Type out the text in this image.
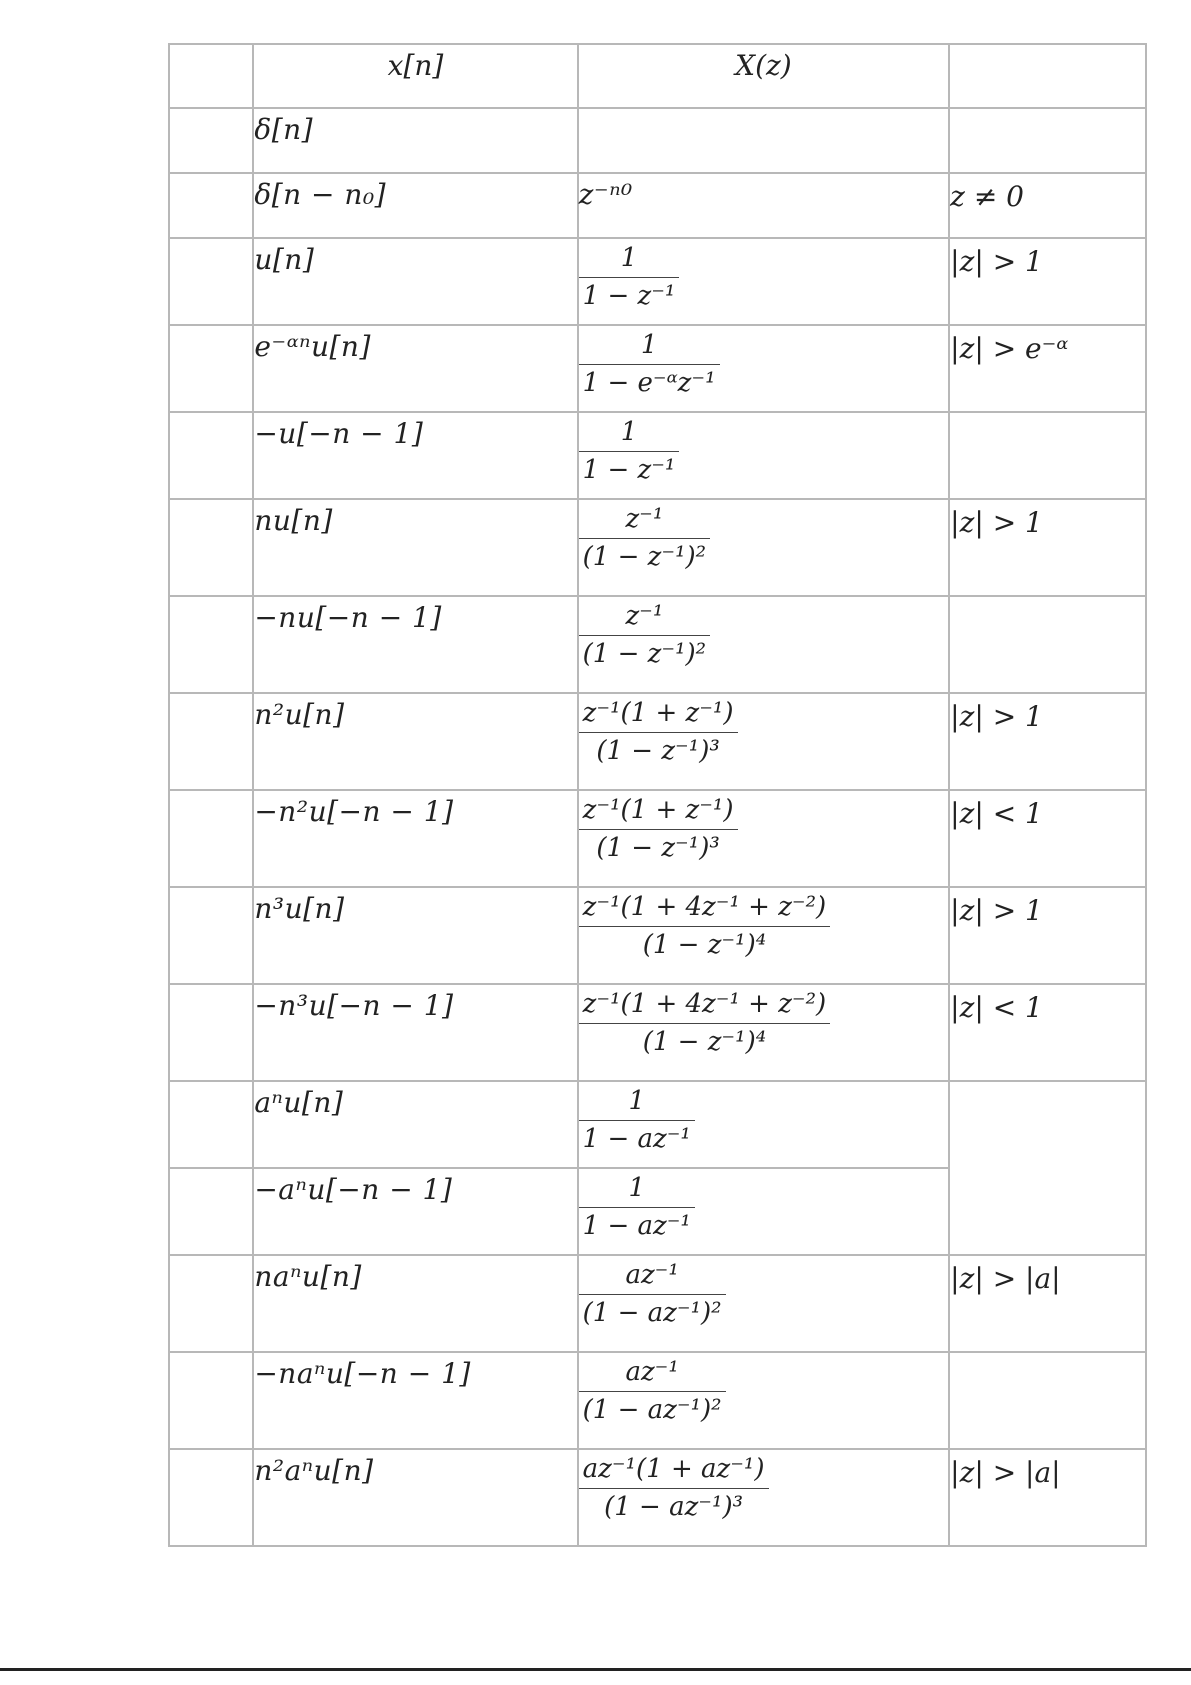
	x[n]	X(z)	
	δ[n]		
	δ[n − n₀]	z⁻ⁿ⁰	z ≠ 0
	u[n]	$\frac{1}{\text{1 − z⁻¹}}$	|z| > 1
	e⁻ᵅⁿu[n]	$\frac{1}{\text{1 − e⁻ᵅz⁻¹}}$	|z| > e⁻ᵅ
	−u[−n − 1]	$\frac{1}{\text{1 − z⁻¹}}$

	nu[n]	$\frac{\text{z⁻¹}}{\text{(1 − z⁻¹)²}}$	|z| > 1
	−nu[−n − 1]	$\frac{\text{z⁻¹}}{\text{(1 − z⁻¹)²}}$

	n²u[n]	$\frac{\text{z⁻¹(1 + z⁻¹)}}{\text{(1 − z⁻¹)³}}$	|z| > 1
	−n²u[−n − 1]	$\frac{\text{z⁻¹(1 + z⁻¹)}}{\text{(1 − z⁻¹)³}}$	|z| < 1
	n³u[n]	$\frac{\text{z⁻¹(1 + 4z⁻¹ + z⁻²)}}{\text{(1 − z⁻¹)⁴}}$	|z| > 1
	−n³u[−n − 1]	$\frac{\text{z⁻¹(1 + 4z⁻¹ + z⁻²)}}{\text{(1 − z⁻¹)⁴}}$	|z| < 1
	aⁿu[n]	$\frac{1}{\text{1 − az⁻¹}}$

	−aⁿu[−n − 1]	$\frac{1}{\text{1 − az⁻¹}}$

	naⁿu[n]	$\frac{\text{az⁻¹}}{\text{(1 − az⁻¹)²}}$	|z| > |a|
	−naⁿu[−n − 1]	$\frac{\text{az⁻¹}}{\text{(1 − az⁻¹)²}}$

	n²aⁿu[n]	$\frac{\text{az⁻¹(1 + az⁻¹)}}{\text{(1 − az⁻¹)³}}$	|z| > |a|
